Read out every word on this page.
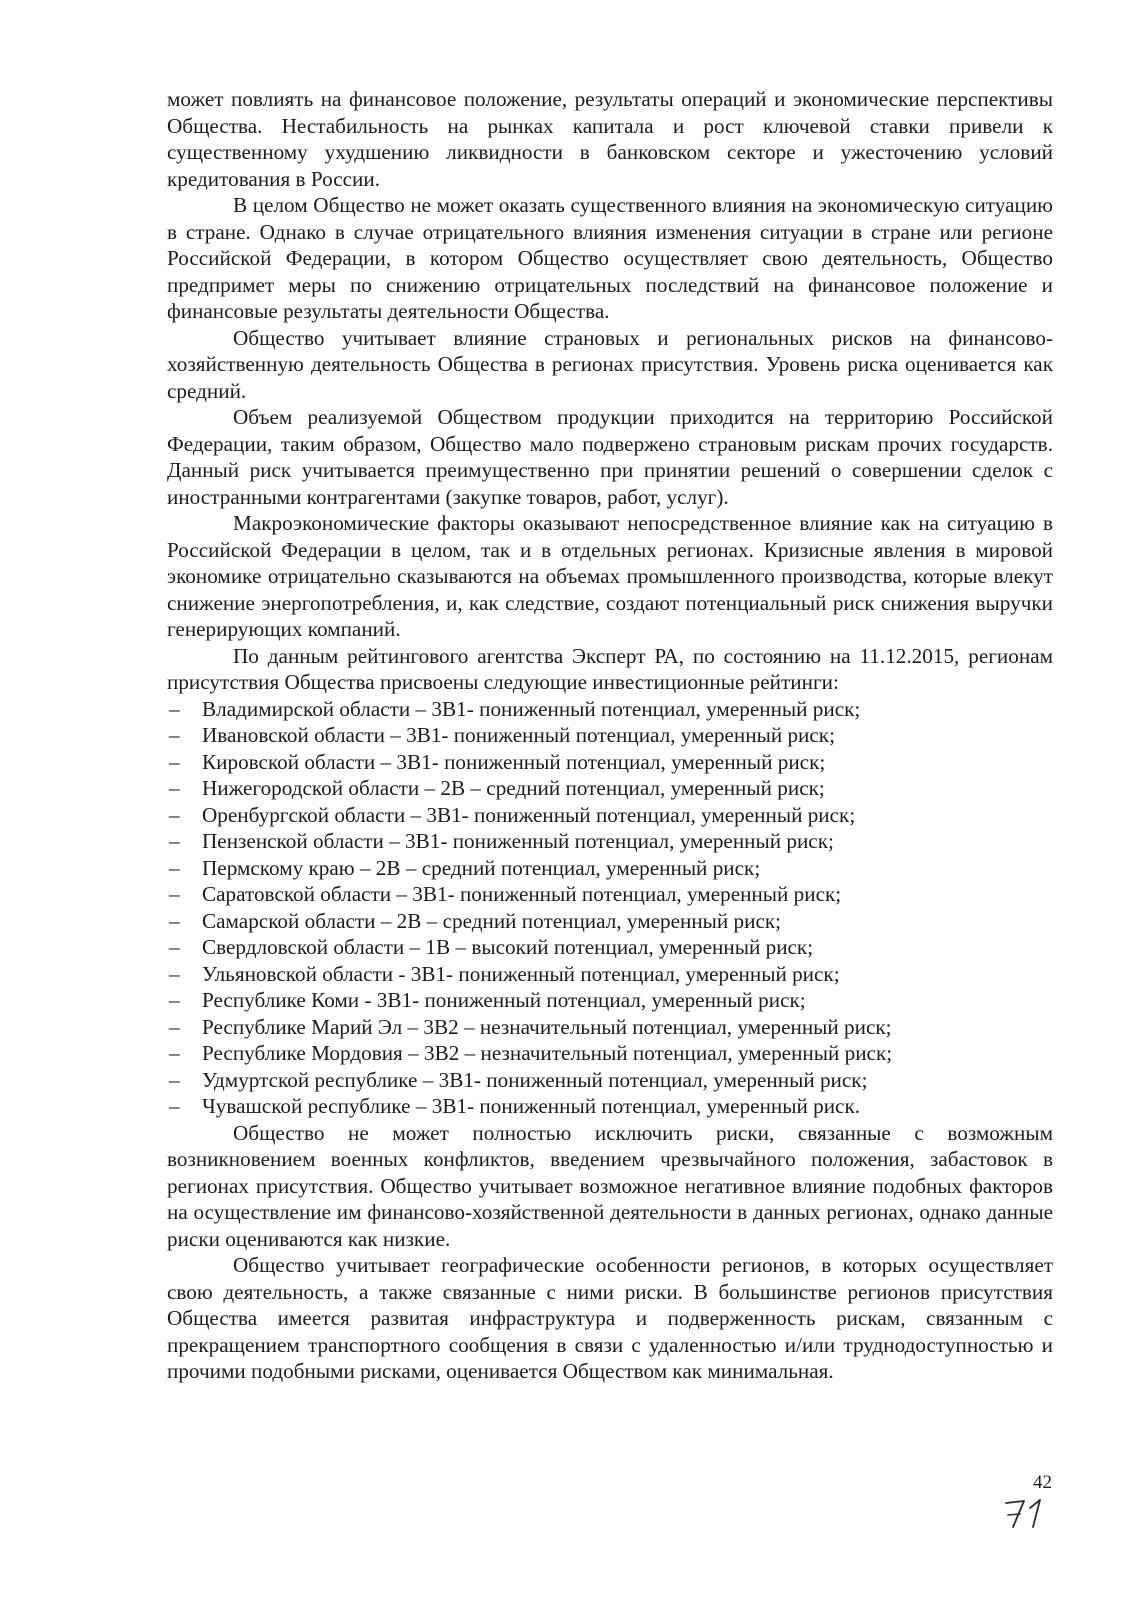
может повлиять на финансовое положение, результаты операций и экономические перспективы Общества. Нестабильность на рынках капитала и рост ключевой ставки привели к существенному ухудшению ликвидности в банковском секторе и ужесточению условий кредитования в России.

В целом Общество не может оказать существенного влияния на экономическую ситуацию в стране. Однако в случае отрицательного влияния изменения ситуации в стране или регионе Российской Федерации, в котором Общество осуществляет свою деятельность, Общество предпримет меры по снижению отрицательных последствий на финансовое положение и финансовые результаты деятельности Общества.

Общество учитывает влияние страновых и региональных рисков на финансово-хозяйственную деятельность Общества в регионах присутствия. Уровень риска оценивается как средний.

Объем реализуемой Обществом продукции приходится на территорию Российской Федерации, таким образом, Общество мало подвержено страновым рискам прочих государств. Данный риск учитывается преимущественно при принятии решений о совершении сделок с иностранными контрагентами (закупке товаров, работ, услуг).

Макроэкономические факторы оказывают непосредственное влияние как на ситуацию в Российской Федерации в целом, так и в отдельных регионах. Кризисные явления в мировой экономике отрицательно сказываются на объемах промышленного производства, которые влекут снижение энергопотребления, и, как следствие, создают потенциальный риск снижения выручки генерирующих компаний.

По данным рейтингового агентства Эксперт РА, по состоянию на 11.12.2015, регионам присутствия Общества присвоены следующие инвестиционные рейтинги:

– Владимирской области – 3В1- пониженный потенциал, умеренный риск;
– Ивановской области – 3В1- пониженный потенциал, умеренный риск;
– Кировской области – 3В1- пониженный потенциал, умеренный риск;
– Нижегородской области – 2В – средний потенциал, умеренный риск;
– Оренбургской области – 3В1- пониженный потенциал, умеренный риск;
– Пензенской области – 3В1- пониженный потенциал, умеренный риск;
– Пермскому краю – 2В – средний потенциал, умеренный риск;
– Саратовской области – 3В1- пониженный потенциал, умеренный риск;
– Самарской области – 2В – средний потенциал, умеренный риск;
– Свердловской области – 1В – высокий потенциал, умеренный риск;
– Ульяновской области - 3В1- пониженный потенциал, умеренный риск;
– Республике Коми - 3В1- пониженный потенциал, умеренный риск;
– Республике Марий Эл – 3В2 – незначительный потенциал, умеренный риск;
– Республике Мордовия – 3В2 – незначительный потенциал, умеренный риск;
– Удмуртской республике – 3В1- пониженный потенциал, умеренный риск;
– Чувашской республике – 3В1- пониженный потенциал, умеренный риск.

Общество не может полностью исключить риски, связанные с возможным возникновением военных конфликтов, введением чрезвычайного положения, забастовок в регионах присутствия. Общество учитывает возможное негативное влияние подобных факторов на осуществление им финансово-хозяйственной деятельности в данных регионах, однако данные риски оцениваются как низкие.

Общество учитывает географические особенности регионов, в которых осуществляет свою деятельность, а также связанные с ними риски. В большинстве регионов присутствия Общества имеется развитая инфраструктура и подверженность рискам, связанным с прекращением транспортного сообщения в связи с удаленностью и/или труднодоступностью и прочими подобными рисками, оценивается Обществом как минимальная.

42
